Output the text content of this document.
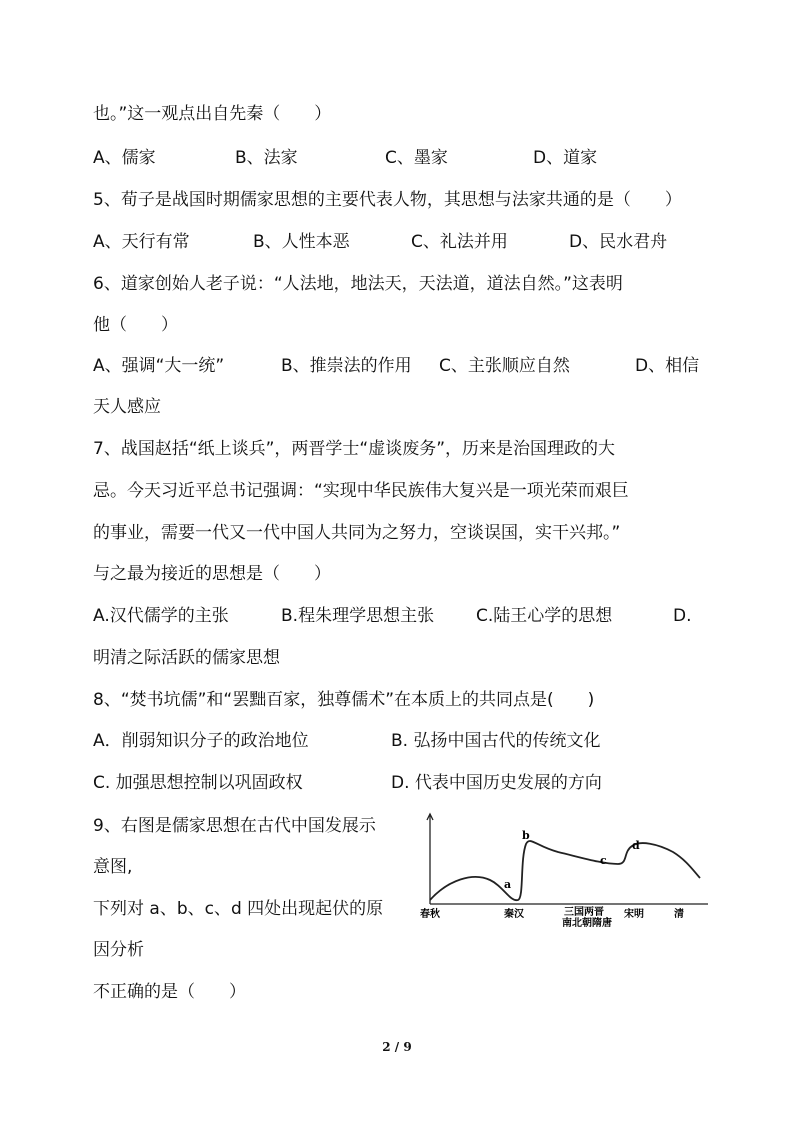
也。”这一观点出自先秦（　　）
A、儒家	B、法家	C、墨家	D、道家
5、荀子是战国时期儒家思想的主要代表人物，其思想与法家共通的是（　　）
A、天行有常	B、人性本恶	C、礼法并用	D、民水君舟
6、道家创始人老子说：“人法地，地法天，天法道，道法自然。”这表明
他（　　）
A、强调“大一统”	B、推崇法的作用 C、主张顺应自然	D、相信
天人感应
7、战国赵括“纸上谈兵”，两晋学士“虚谈废务”，历来是治国理政的大
忌。今天习近平总书记强调：“实现中华民族伟大复兴是一项光荣而艰巨
的事业，需要一代又一代中国人共同为之努力，空谈误国，实干兴邦。”
与之最为接近的思想是（　　）
A.汉代儒学的主张	B.程朱理学思想主张 C.陆王心学的思想	D.
明清之际活跃的儒家思想
8、“焚书坑儒”和“罢黜百家，独尊儒术”在本质上的共同点是(　　)
A．削弱知识分子的政治地位	B. 弘扬中国古代的传统文化
C. 加强思想控制以巩固政权	D. 代表中国历史发展的方向
9、右图是儒家思想在古代中国发展示
意图,
下列对 a、b、c、d 四处出现起伏的原
因分析
不正确的是（　　）
a
b
c
d
春秋	秦汉	三国两晋
南北朝隋唐
宋明	清
2 / 9
